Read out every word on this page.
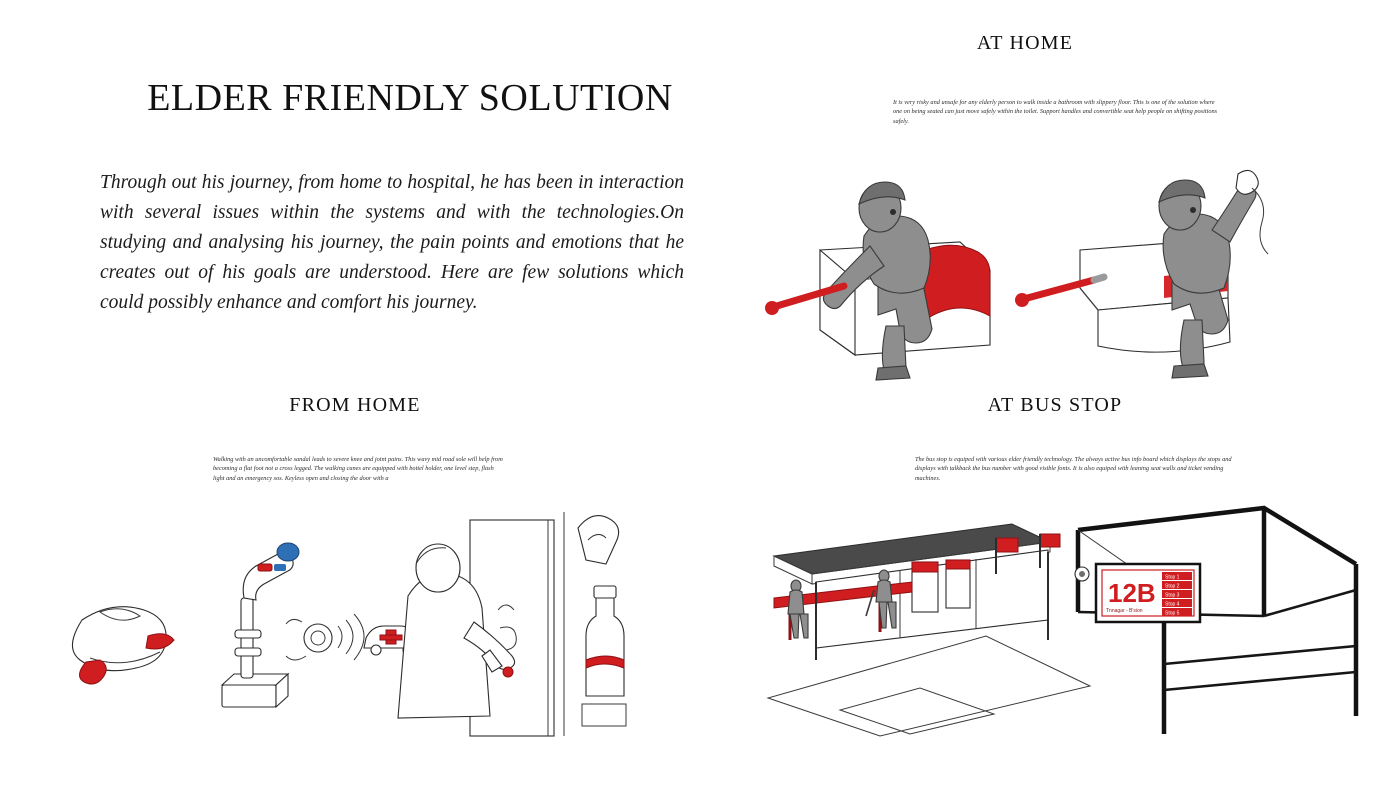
ELDER FRIENDLY SOLUTION
Through out his journey, from home to hospital, he has been in interaction with several issues within the systems and with the technologies.On studying and analysing his journey, the pain points and emotions that he creates out of his goals are understood. Here are few solutions which could possibly enhance and comfort his journey.
AT HOME
FROM HOME	AT BUS STOP
It is very risky and unsafe for any elderly person to walk inside a bathroom with slippery floor. This is one of the solution where one on being seated can just move safely within the toilet. Support handles and convertible seat help people on shifting positions safely.
Walking with an uncomfortable sandal leads to severe knee and joint pains. This wavy mid road sole will help from becoming a flat foot not a cross legged. The walking canes are equipped with bottel holder, one level step, flash light and an emergency sos. Keyless open and closing the door with a
The bus stop is equiped with various elder friendly technology. The always active bus info board which displays the stops and displays with talkback the bus number with good visible fonts. It is also equiped with leaning seat walls and ticket vending machines.
12B
Tnnagar - B'sion
Stop 1
Stop 2
Stop 3
Stop 4
Stop 5
